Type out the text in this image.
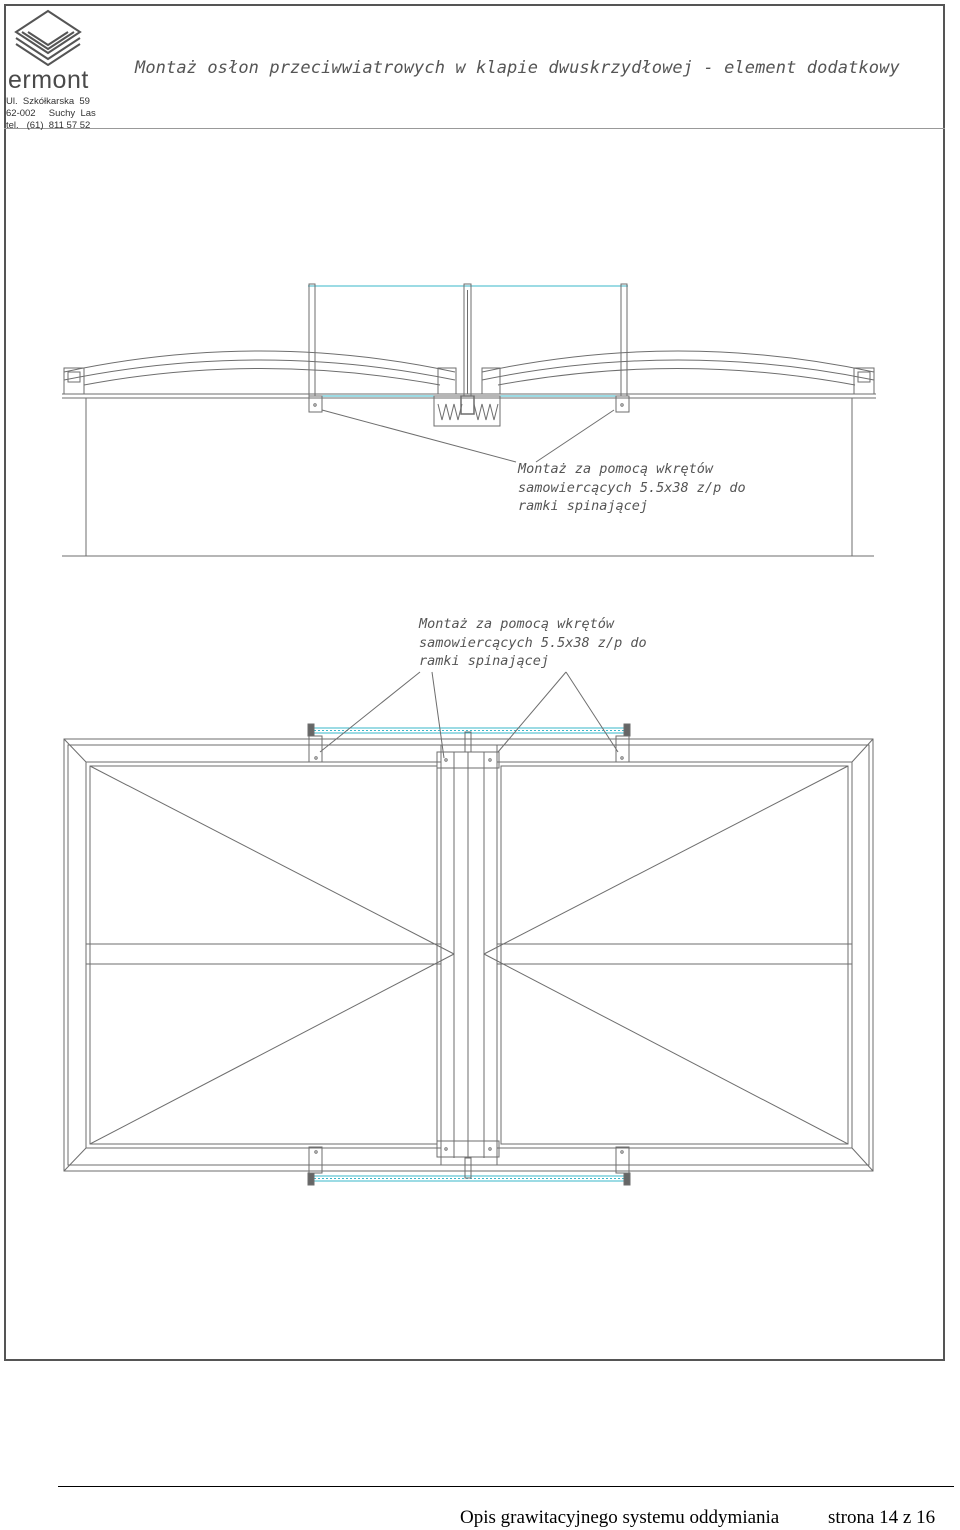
ermont
Ul.  Szkółkarska  59
62-002     Suchy  Las
tel.   (61)  811 57 52
Montaż osłon przeciwwiatrowych w klapie dwuskrzydłowej - element dodatkowy
Montaż za pomocą wkrętów
samowiercących 5.5x38 z/p do
ramki spinającej
Montaż za pomocą wkrętów
samowiercących 5.5x38 z/p do
ramki spinającej
Opis grawitacyjnego systemu oddymiania	strona 14 z 16
